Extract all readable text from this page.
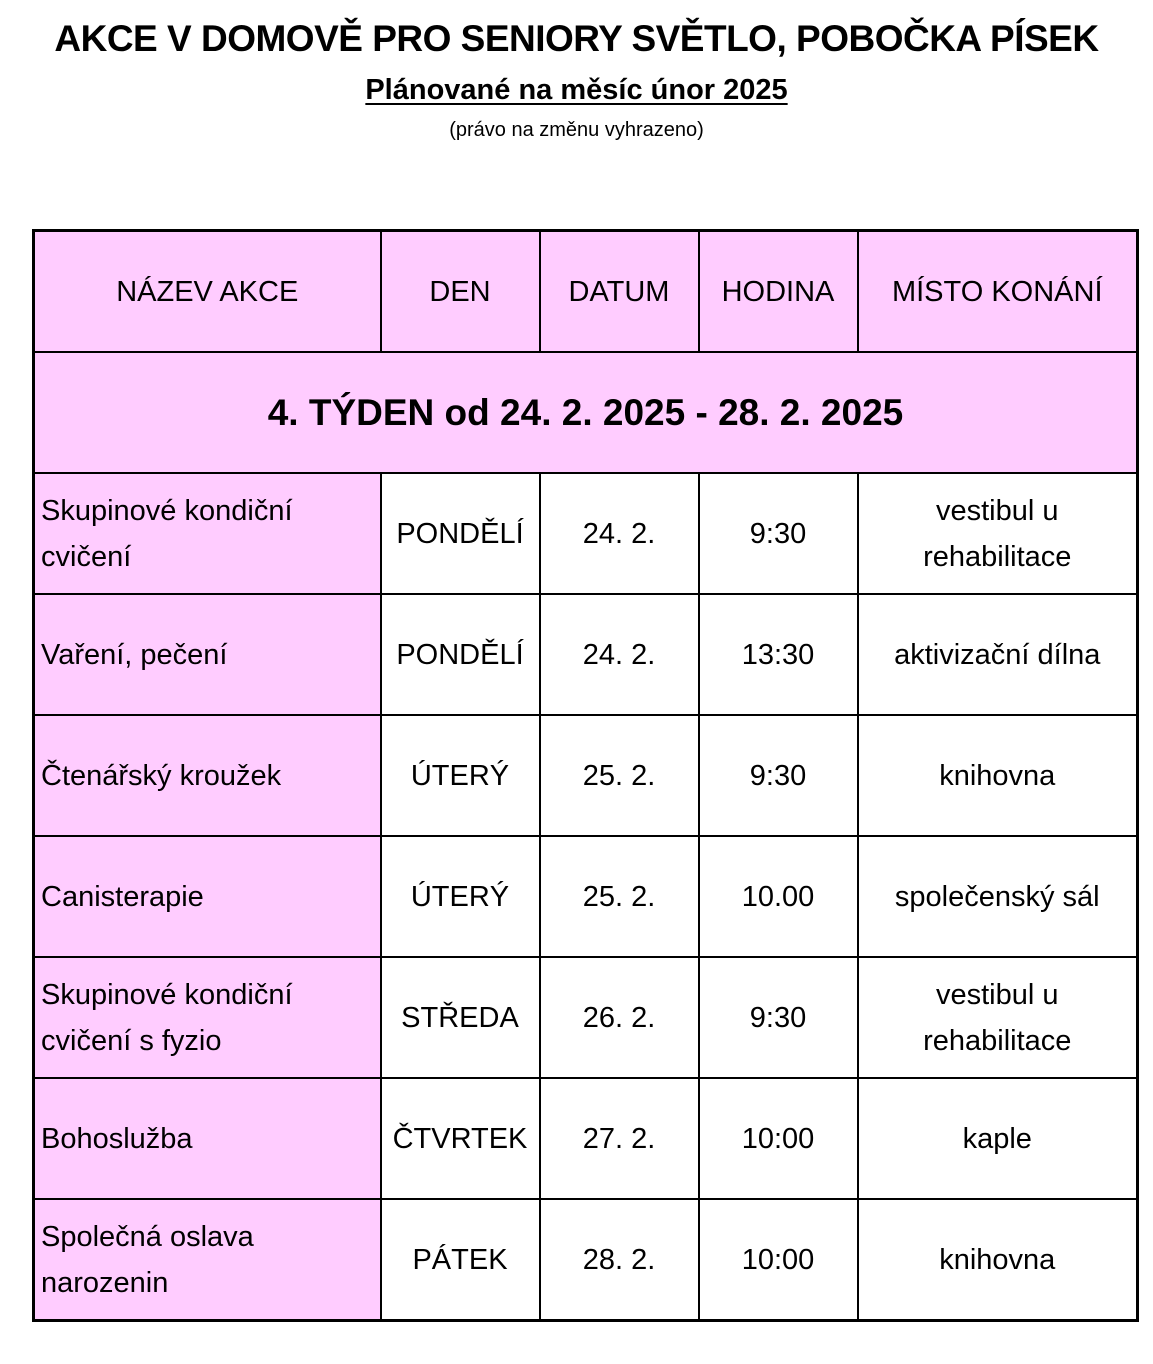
AKCE V DOMOVĚ PRO SENIORY SVĚTLO, POBOČKA PÍSEK
Plánované na měsíc únor 2025
(právo na změnu vyhrazeno)
NÁZEV AKCE	DEN	DATUM	HODINA	MÍSTO KONÁNÍ
4. TÝDEN od 24. 2. 2025 - 28. 2. 2025				
Skupinové kondiční cvičení	PONDĚLÍ	24. 2.	9:30	vestibul u rehabilitace
Vaření, pečení	PONDĚLÍ	24. 2.	13:30	aktivizační dílna
Čtenářský kroužek	ÚTERÝ	25. 2.	9:30	knihovna
Canisterapie	ÚTERÝ	25. 2.	10.00	společenský sál
Skupinové kondiční cvičení s fyzio	STŘEDA	26. 2.	9:30	vestibul u rehabilitace
Bohoslužba	ČTVRTEK	27. 2.	10:00	kaple
Společná oslava narozenin	PÁTEK	28. 2.	10:00	knihovna
